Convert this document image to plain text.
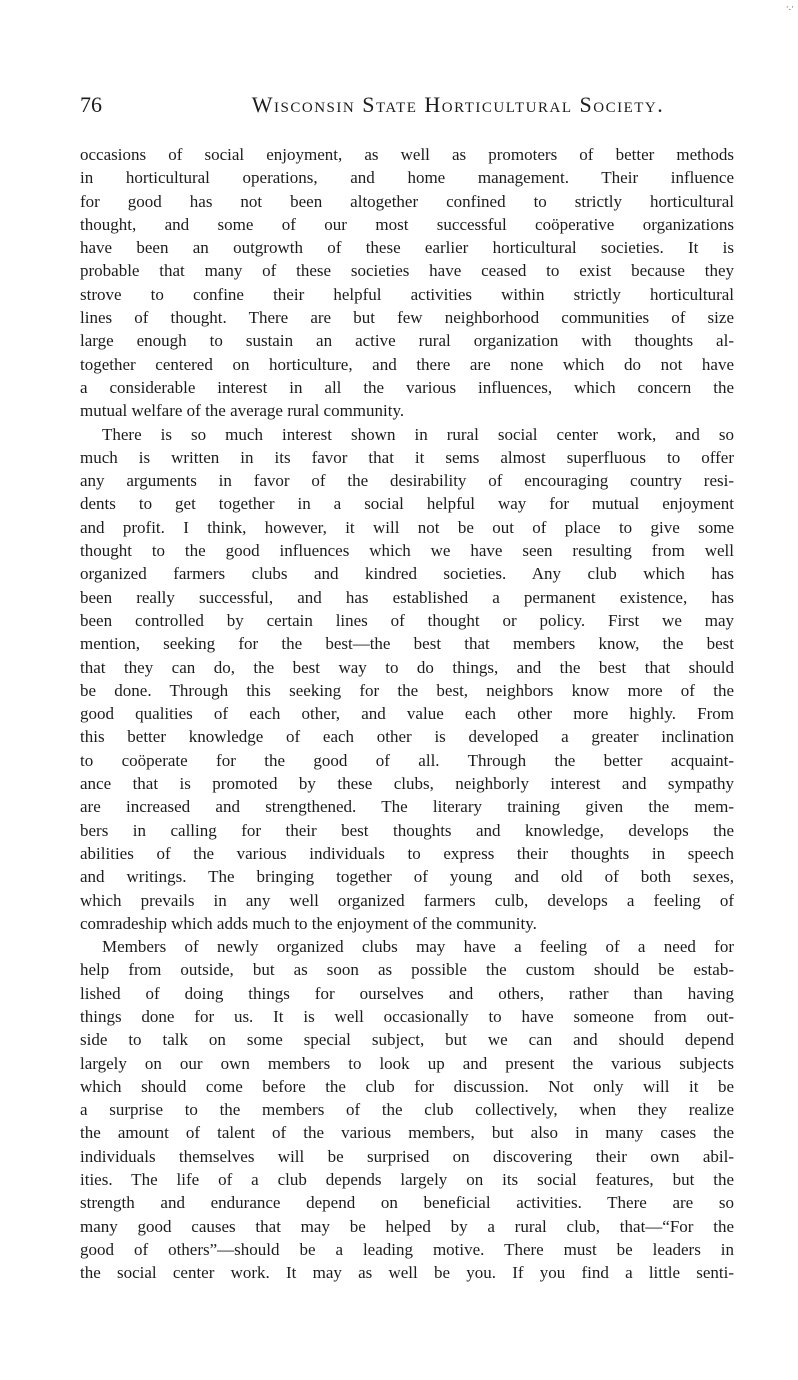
·.·
76	Wisconsin State Horticultural Society.
occasions of social enjoyment, as well as promoters of better methods
in horticultural operations, and home management. Their influence
for good has not been altogether confined to strictly horticultural
thought, and some of our most successful coöperative organizations
have been an outgrowth of these earlier horticultural societies. It is
probable that many of these societies have ceased to exist because they
strove to confine their helpful activities within strictly horticultural
lines of thought. There are but few neighborhood communities of size
large enough to sustain an active rural organization with thoughts al-
together centered on horticulture, and there are none which do not have
a considerable interest in all the various influences, which concern the
mutual welfare of the average rural community.
There is so much interest shown in rural social center work, and so
much is written in its favor that it sems almost superfluous to offer
any arguments in favor of the desirability of encouraging country resi-
dents to get together in a social helpful way for mutual enjoyment
and profit. I think, however, it will not be out of place to give some
thought to the good influences which we have seen resulting from well
organized farmers clubs and kindred societies. Any club which has
been really successful, and has established a permanent existence, has
been controlled by certain lines of thought or policy. First we may
mention, seeking for the best—the best that members know, the best
that they can do, the best way to do things, and the best that should
be done. Through this seeking for the best, neighbors know more of the
good qualities of each other, and value each other more highly. From
this better knowledge of each other is developed a greater inclination
to coöperate for the good of all. Through the better acquaint-
ance that is promoted by these clubs, neighborly interest and sympathy
are increased and strengthened. The literary training given the mem-
bers in calling for their best thoughts and knowledge, develops the
abilities of the various individuals to express their thoughts in speech
and writings. The bringing together of young and old of both sexes,
which prevails in any well organized farmers culb, develops a feeling of
comradeship which adds much to the enjoyment of the community.
Members of newly organized clubs may have a feeling of a need for
help from outside, but as soon as possible the custom should be estab-
lished of doing things for ourselves and others, rather than having
things done for us. It is well occasionally to have someone from out-
side to talk on some special subject, but we can and should depend
largely on our own members to look up and present the various subjects
which should come before the club for discussion. Not only will it be
a surprise to the members of the club collectively, when they realize
the amount of talent of the various members, but also in many cases the
individuals themselves will be surprised on discovering their own abil-
ities. The life of a club depends largely on its social features, but the
strength and endurance depend on beneficial activities. There are so
many good causes that may be helped by a rural club, that—“For the
good of others”—should be a leading motive. There must be leaders in
the social center work. It may as well be you. If you find a little senti-
